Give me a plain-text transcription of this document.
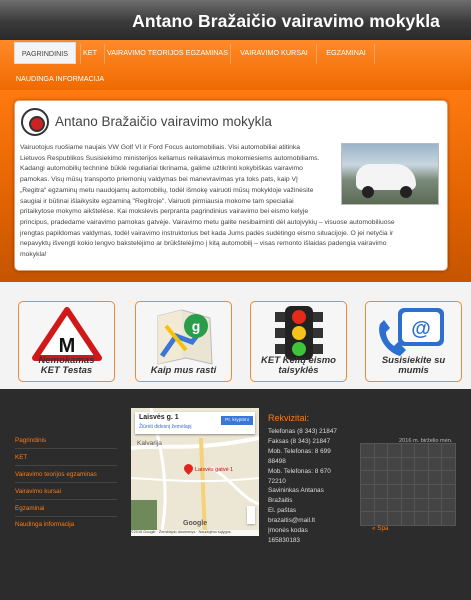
Antano Bražaičio vairavimo mokykla
PAGRINDINIS	KET	VAIRAVIMO TEORIJOS EGZAMINAS	VAIRAVIMO KURSAI	EGZAMINAI
NAUDINGA INFORMACIJA
Antano Bražaičio vairavimo mokykla
Vairuotojus ruošiame naujais VW Golf VI ir Ford Focus automobiliais. Visi automobiliai atitinka
Lietuvos Respublikos Susisiekimo ministerijos keliamus reikalavimus mokomiesiems automobiliams.
Kadangi automobilių techninė būklė reguliariai tikrinama, galime užtikrinti kokybiškas vairavimo
pamokas. Visų mūsų transporto priemonių valdymas bei manevravimas yra toks pats, kaip VĮ
„Regitra“ egzaminų metu naudojamų automobilių, todėl išmokę vairuoti mūsų mokykloje važinėsite
saugiai ir būtinai išlaikysite egzaminą "Regitroje". Vairuoti pirmiausia mokome tam specialiai
pritaikytose mokymo aikštelėse. Kai mokslevis perpranta pagrindinius vairavimo bei eismo kelyje
principus, pradedame vairavimo pamokas gatvėje. Vairavimo metu galite nesibaiminti dėl autoįvykių – visuose automobiliuose
įrengtas papildomas valdymas, todėl vairavimo instruktorius bet kada Jums padės sudėtingo eismo situacijoje. O jei netyčia ir
nepavyktų išvengti kokio lengvo bakstelėjimo ar brūkštelėjimo į kitą automobilį – visas remonto išlaidas padengia vairavimo
mokykla!
M
Nemokamas
KET Testas
g
Kaip mus rasti
KET Kelių eismo
taisyklės
@
Susisiekite su
mumis
Pagrindinis
KET
Vairavimo teorijos egzaminas
Vairavimo kursai
Egzaminai
Naudinga informacija
Laisvės g. 1
Žiūrėti didesnį žemėlapį
Pr. kryptimi
Kalvarija
Laisvės gatvė 1
Google
©2016 Google · Žemėlapio duomenys · Naudojimo sąlygos
Rekvizitai:
Telefonas (8 343) 21847
Faksas (8 343) 21847
Mob. Telefonas: 8 699
88498
Mob. Telefonas: 8 670
72210
Savininkas Antanas
Bražaitis
El. paštas
brazaitis@mail.lt
Įmonės kodas
165830183
2016 m. birželio mėn.

« Spa
